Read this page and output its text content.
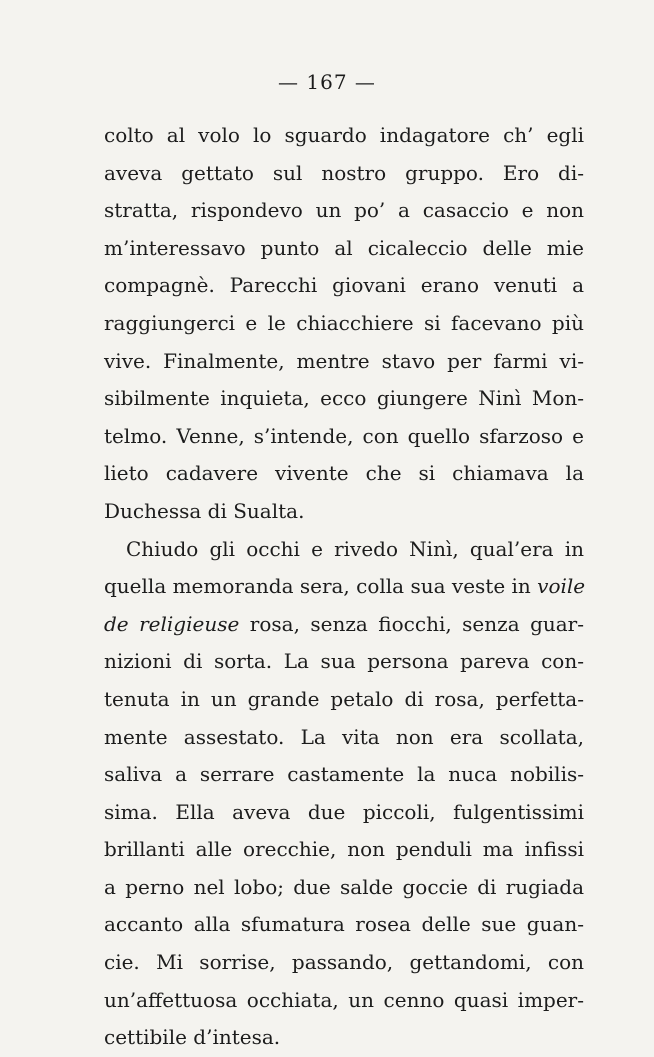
— 167 —
colto al volo lo sguardo indagatore ch’ egli
aveva gettato sul nostro gruppo. Ero di-
stratta, rispondevo un po’ a casaccio e non
m’interessavo punto al cicaleccio delle mie
compagnè. Parecchi giovani erano venuti a
raggiungerci e le chiacchiere si facevano più
vive. Finalmente, mentre stavo per farmi vi-
sibilmente inquieta, ecco giungere Ninì Mon-
telmo. Venne, s’intende, con quello sfarzoso e
lieto cadavere vivente che si chiamava la
Duchessa di Sualta.
Chiudo gli occhi e rivedo Ninì, qual’era in
quella memoranda sera, colla sua veste in voile
de religieuse rosa, senza fiocchi, senza guar-
nizioni di sorta. La sua persona pareva con-
tenuta in un grande petalo di rosa, perfetta-
mente assestato. La vita non era scollata,
saliva a serrare castamente la nuca nobilis-
sima. Ella aveva due piccoli, fulgentissimi
brillanti alle orecchie, non penduli ma infissi
a perno nel lobo; due salde goccie di rugiada
accanto alla sfumatura rosea delle sue guan-
cie. Mi sorrise, passando, gettandomi, con
un’affettuosa occhiata, un cenno quasi imper-
cettibile d’intesa.
